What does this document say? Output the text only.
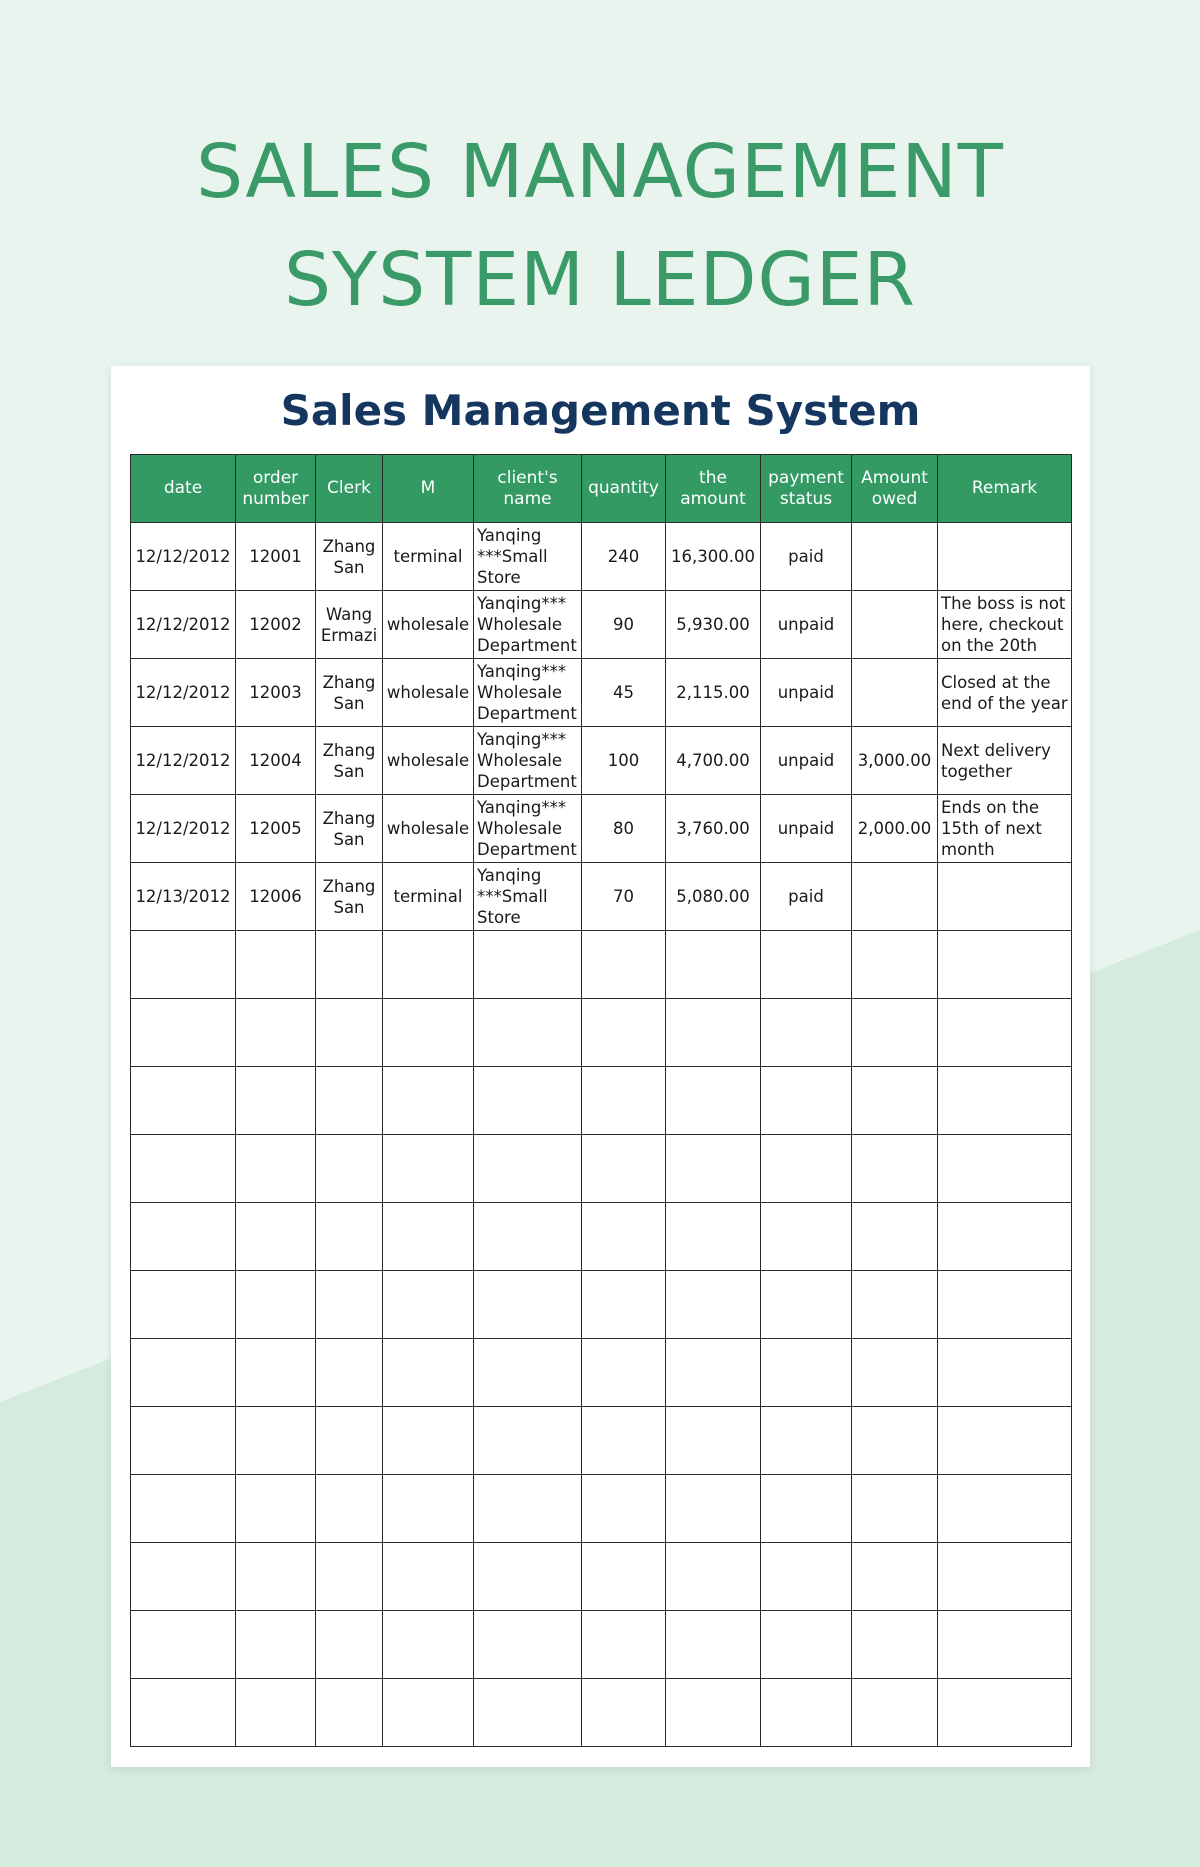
SALES MANAGEMENT
SYSTEM LEDGER
Sales Management System
date	order number	Clerk	M	client's name	quantity	the amount	payment status	Amount owed	Remark
12/12/2012	12001	Zhang San	terminal	Yanqing ***Small Store	240	16,300.00	paid		
12/12/2012	12002	Wang Ermazi	wholesale	Yanqing*** Wholesale Department	90	5,930.00	unpaid		The boss is not here, checkout on the 20th
12/12/2012	12003	Zhang San	wholesale	Yanqing*** Wholesale Department	45	2,115.00	unpaid		Closed at the end of the year
12/12/2012	12004	Zhang San	wholesale	Yanqing*** Wholesale Department	100	4,700.00	unpaid	3,000.00	Next delivery together
12/12/2012	12005	Zhang San	wholesale	Yanqing*** Wholesale Department	80	3,760.00	unpaid	2,000.00	Ends on the 15th of next month
12/13/2012	12006	Zhang San	terminal	Yanqing ***Small Store	70	5,080.00	paid		
